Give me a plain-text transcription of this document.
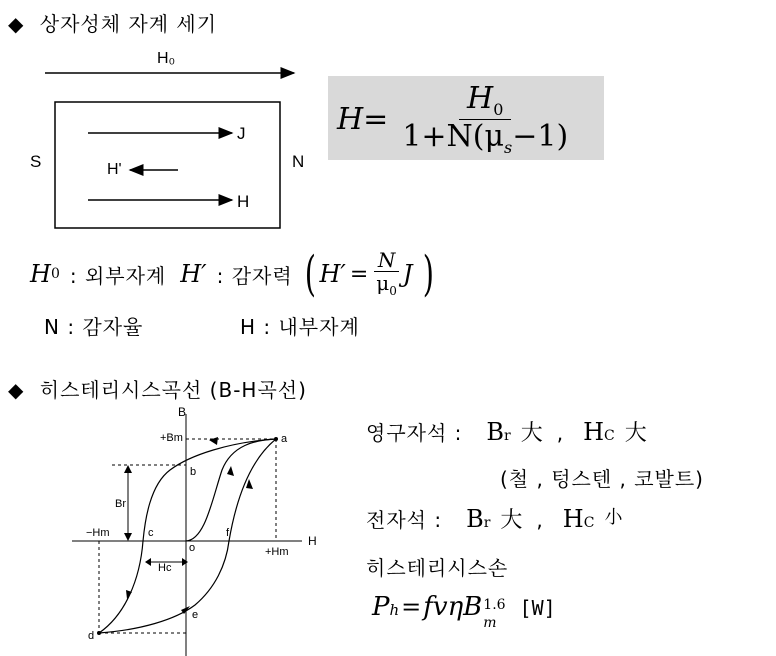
◆ 상자성체 자계 세기
H₀
S	N
J
H'
H
$H = \frac{H_0}{1+N(\mu_s-1)}$
H 0 : 외부자계 H′ : 감자력 ( $H' = \frac{N}{\mu_0}$ J )
N : 감자율	H : 내부자계
◆ 히스테리시스곡선 (B-H곡선)
B
H
+Bm
Br
−Hm
+Hm
Hc
a
b
c
d
e
f
o
영구자석 : B r 大 , H C 大
(철 , 텅스텐 , 코발트)
전자석 : B r 大 , H C 小
히스테리시스손
P h = fvηB 1.6
m
[W]
